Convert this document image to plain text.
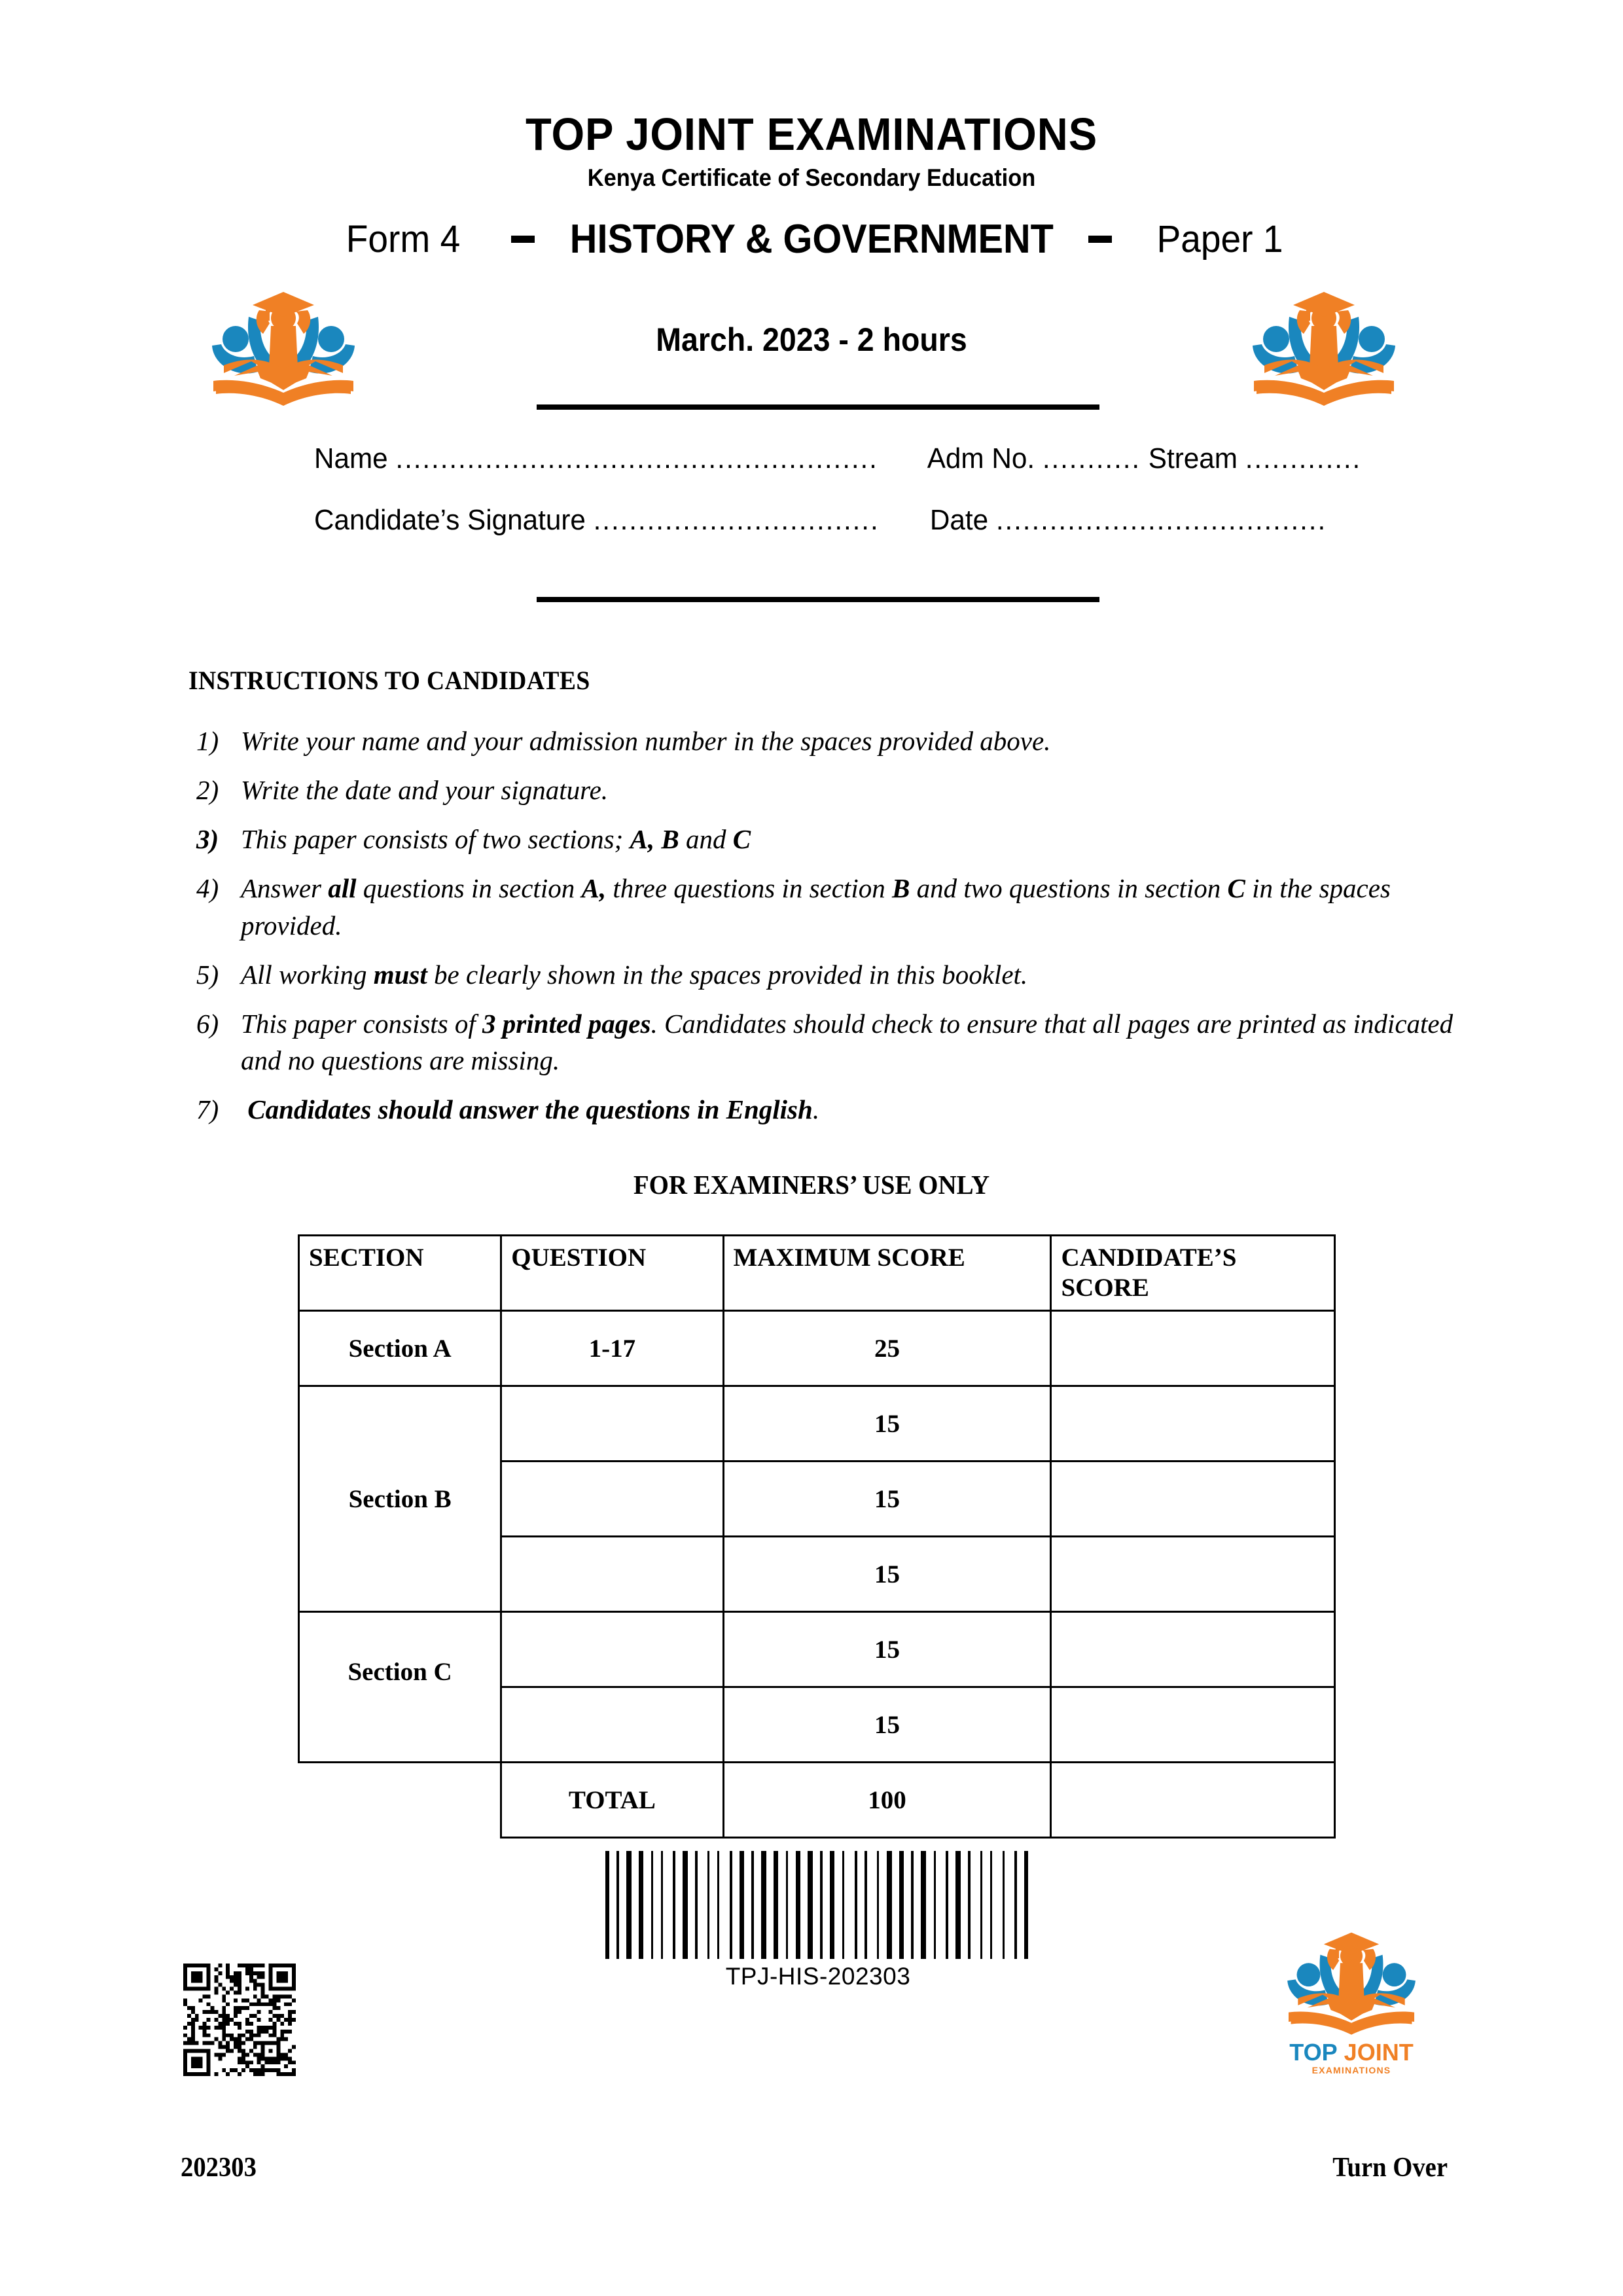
TOP JOINT EXAMINATIONS
Kenya Certificate of Secondary Education
Form 4	HISTORY & GOVERNMENT	Paper 1
March. 2023 - 2 hours
Name ...................................................... Adm No. ........... Stream .............
Candidate’s Signature ................................ Date .....................................
INSTRUCTIONS TO CANDIDATES
1) Write your name and your admission number in the spaces provided above.
2) Write the date and your signature.
3) This paper consists of two sections; A, B and C
4) Answer all questions in section A, three questions in section B and two questions in section C in the spaces provided.
5) All working must be clearly shown in the spaces provided in this booklet.
6) This paper consists of 3 printed pages. Candidates should check to ensure that all pages are printed as indicated and no questions are missing.
7) Candidates should answer the questions in English.
FOR EXAMINERS’ USE ONLY
SECTION	QUESTION	MAXIMUM SCORE	CANDIDATE’S
SCORE

Section A	1-17	25	
Section B		15	
		15	
		15	

Section C		15	
		15	
	TOTAL	100	
TPJ-HIS-202303
TOP JOINT
EXAMINATIONS
202303	Turn Over
